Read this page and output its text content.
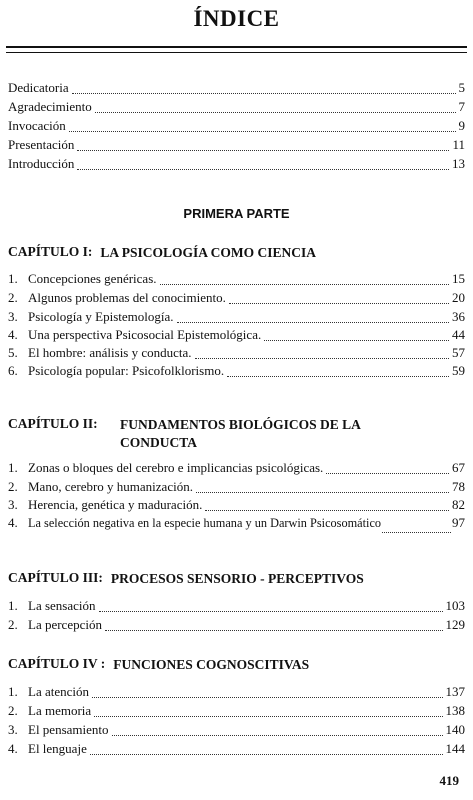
ÍNDICE
Dedicatoria	5
Agradecimiento	7
Invocación	9
Presentación	11
Introducción	13
PRIMERA PARTE
CAPÍTULO I: LA PSICOLOGÍA COMO CIENCIA
1. Concepciones genéricas.	15
2. Algunos problemas del conocimiento.	20
3. Psicología y Epistemología.	36
4. Una perspectiva Psicosocial Epistemológica.	44
5. El hombre: análisis y conducta.	57
6. Psicología popular: Psicofolklorismo.	59
CAPÍTULO II:	FUNDAMENTOS BIOLÓGICOS DE LA CONDUCTA
1. Zonas o bloques del cerebro e implicancias psicológicas.	67
2. Mano, cerebro y humanización.	78
3. Herencia, genética y maduración.	82
4. La selección negativa en la especie humana y un Darwin Psicosomático	97
CAPÍTULO III: PROCESOS SENSORIO - PERCEPTIVOS
1. La sensación	103
2. La percepción	129
CAPÍTULO IV : FUNCIONES COGNOSCITIVAS
1. La atención	137
2. La memoria	138
3. El pensamiento	140
4. El lenguaje	144
419
